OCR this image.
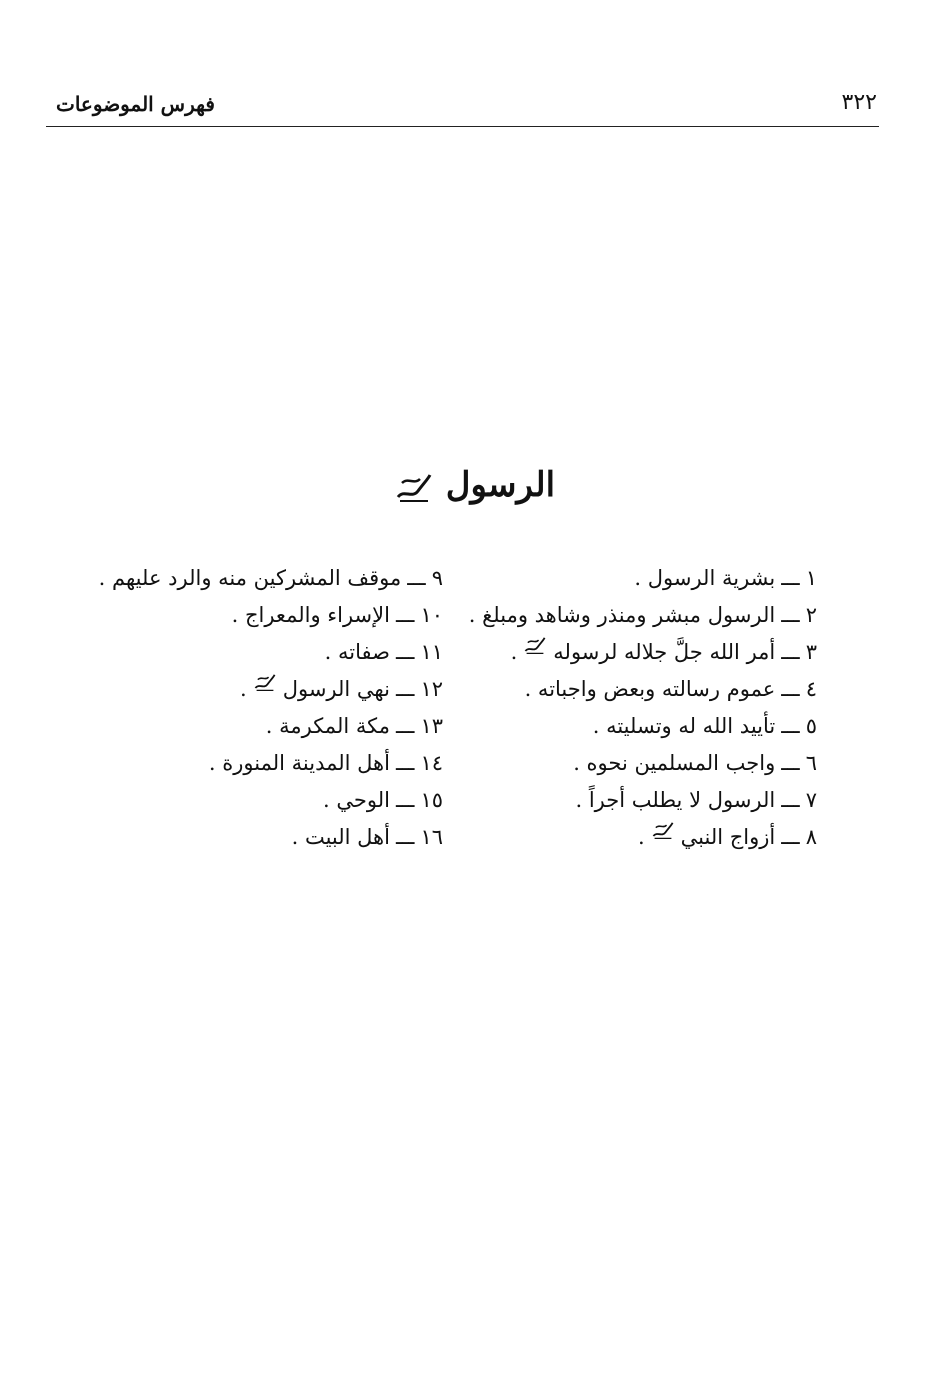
٣٢٢
فهرس الموضوعات
الرسول
١
ـــ
بشرية الرسول .
٢
ـــ
الرسول مبشر ومنذر وشاهد ومبلغ .
٣
ـــ
أمر الله جلَّ جلاله لرسوله
.
٤
ـــ
عموم رسالته وبعض واجباته .
٥
ـــ
تأييد الله له وتسليته .
٦
ـــ
واجب المسلمين نحوه .
٧
ـــ
الرسول لا يطلب أجراً .
٨
ـــ
أزواج النبي
.
٩
ـــ
موقف المشركين منه والرد عليهم .
١٠
ـــ
الإسراء والمعراج .
١١
ـــ
صفاته .
١٢
ـــ
نهي الرسول
.
١٣
ـــ
مكة المكرمة .
١٤
ـــ
أهل المدينة المنورة .
١٥
ـــ
الوحي .
١٦
ـــ
أهل البيت .
